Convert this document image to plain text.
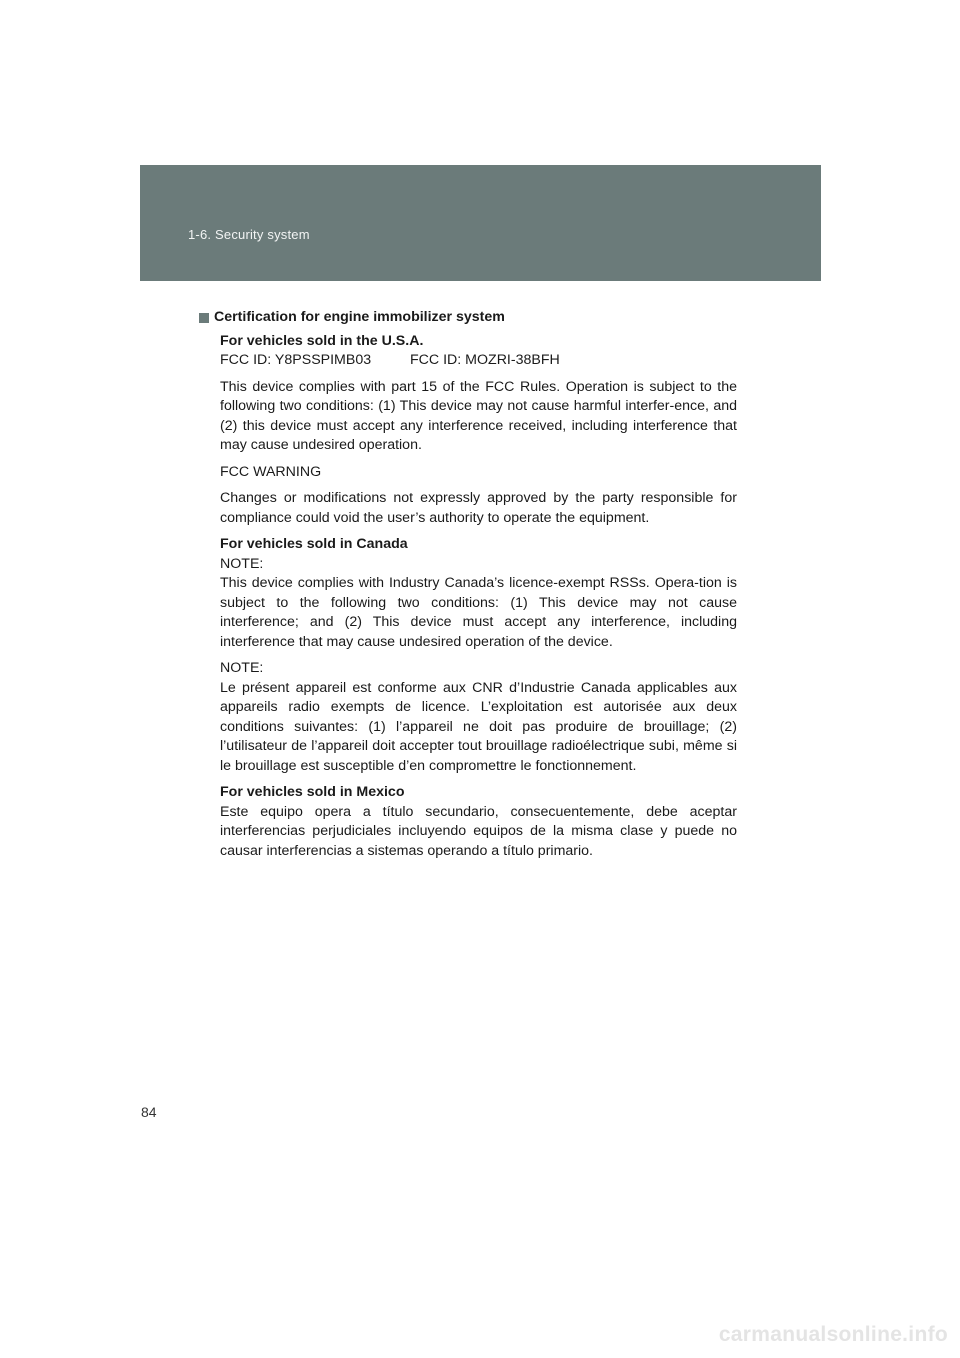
1-6. Security system
Certification for engine immobilizer system

For vehicles sold in the U.S.A.
FCC ID: Y8PSSPIMB03	FCC ID: MOZRI-38BFH

This device complies with part 15 of the FCC Rules. Operation is subject to the following two conditions: (1) This device may not cause harmful interfer-ence, and (2) this device must accept any interference received, including interference that may cause undesired operation.

FCC WARNING

Changes or modifications not expressly approved by the party responsible for compliance could void the user’s authority to operate the equipment.

For vehicles sold in Canada
NOTE:
This device complies with Industry Canada’s licence-exempt RSSs. Opera-tion is subject to the following two conditions: (1) This device may not cause interference; and (2) This device must accept any interference, including interference that may cause undesired operation of the device.

NOTE:
Le présent appareil est conforme aux CNR d’Industrie Canada applicables aux appareils radio exempts de licence. L’exploitation est autorisée aux deux conditions suivantes: (1) l’appareil ne doit pas produire de brouillage; (2) l’utilisateur de l’appareil doit accepter tout brouillage radioélectrique subi, même si le brouillage est susceptible d’en compromettre le fonctionnement.

For vehicles sold in Mexico
Este equipo opera a título secundario, consecuentemente, debe aceptar interferencias perjudiciales incluyendo equipos de la misma clase y puede no causar interferencias a sistemas operando a título primario.

84
carmanualsonline.info
